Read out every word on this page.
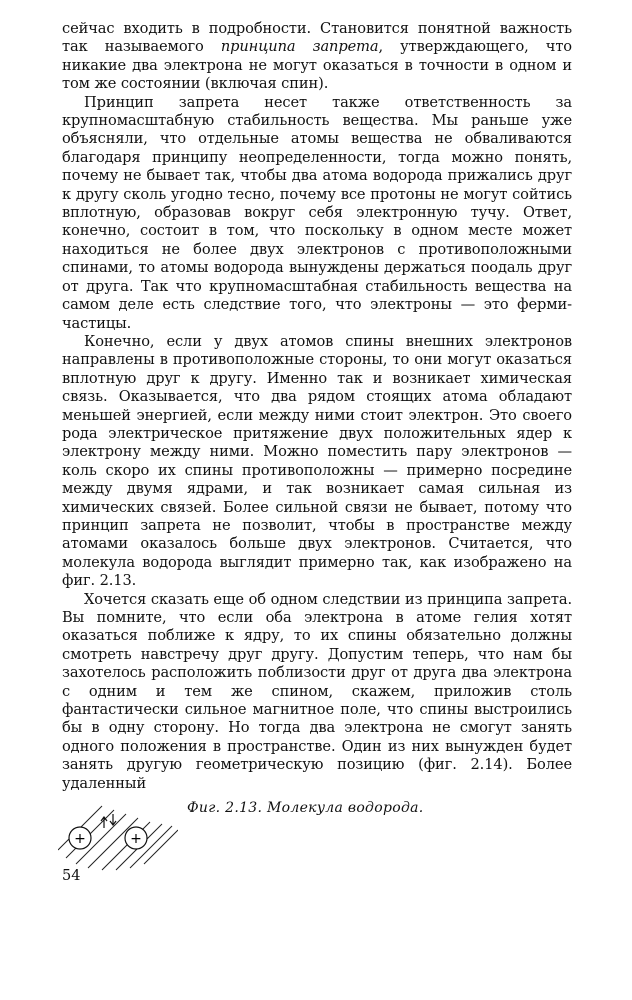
сейчас входить в подробности. Становится понятной важность так называемого принципа запрета, утверждающего, что никакие два электрона не могут оказаться в точности в одном и том же состоянии (включая спин).

Принцип запрета несет также ответственность за крупномасштабную стабильность вещества. Мы раньше уже объясняли, что отдельные атомы вещества не обваливаются благодаря принципу неопределенности, тогда можно понять, почему не бывает так, чтобы два атома водорода прижались друг к другу сколь угодно тесно, почему все протоны не могут сойтись вплотную, образовав вокруг себя электронную тучу. Ответ, конечно, состоит в том, что поскольку в одном месте может находиться не более двух электронов с противоположными спинами, то атомы водорода вынуждены держаться поодаль друг от друга. Так что крупномасштабная стабильность вещества на самом деле есть следствие того, что электроны — это ферми-частицы.

Конечно, если у двух атомов спины внешних электронов направлены в противоположные стороны, то они могут оказаться вплотную друг к другу. Именно так и возникает химическая связь. Оказывается, что два рядом стоящих атома обладают меньшей энергией, если между ними стоит электрон. Это своего рода электрическое притяжение двух положительных ядер к электрону между ними. Можно поместить пару электронов — коль скоро их спины противоположны — примерно посредине между двумя ядрами, и так возникает самая сильная из химических связей. Более сильной связи не бывает, потому что принцип запрета не позволит, чтобы в пространстве между атомами оказалось больше двух электронов. Считается, что молекула водорода выглядит примерно так, как изображено на фиг. 2.13.

Хочется сказать еще об одном следствии из принципа запрета. Вы помните, что если оба электрона в атоме гелия хотят оказаться поближе к ядру, то их спины обязательно должны смотреть навстречу друг другу. Допустим теперь, что нам бы захотелось расположить поблизости друг от друга два электрона с одним и тем же спином, скажем, приложив столь фантастически сильное магнитное поле, что спины выстроились бы в одну сторону. Но тогда два электрона не смогут занять одного положения в пространстве. Один из них вынужден будет занять другую геометрическую позицию (фиг. 2.14). Более удаленный

+	+
Фиг. 2.13. Молекула водорода.
54
